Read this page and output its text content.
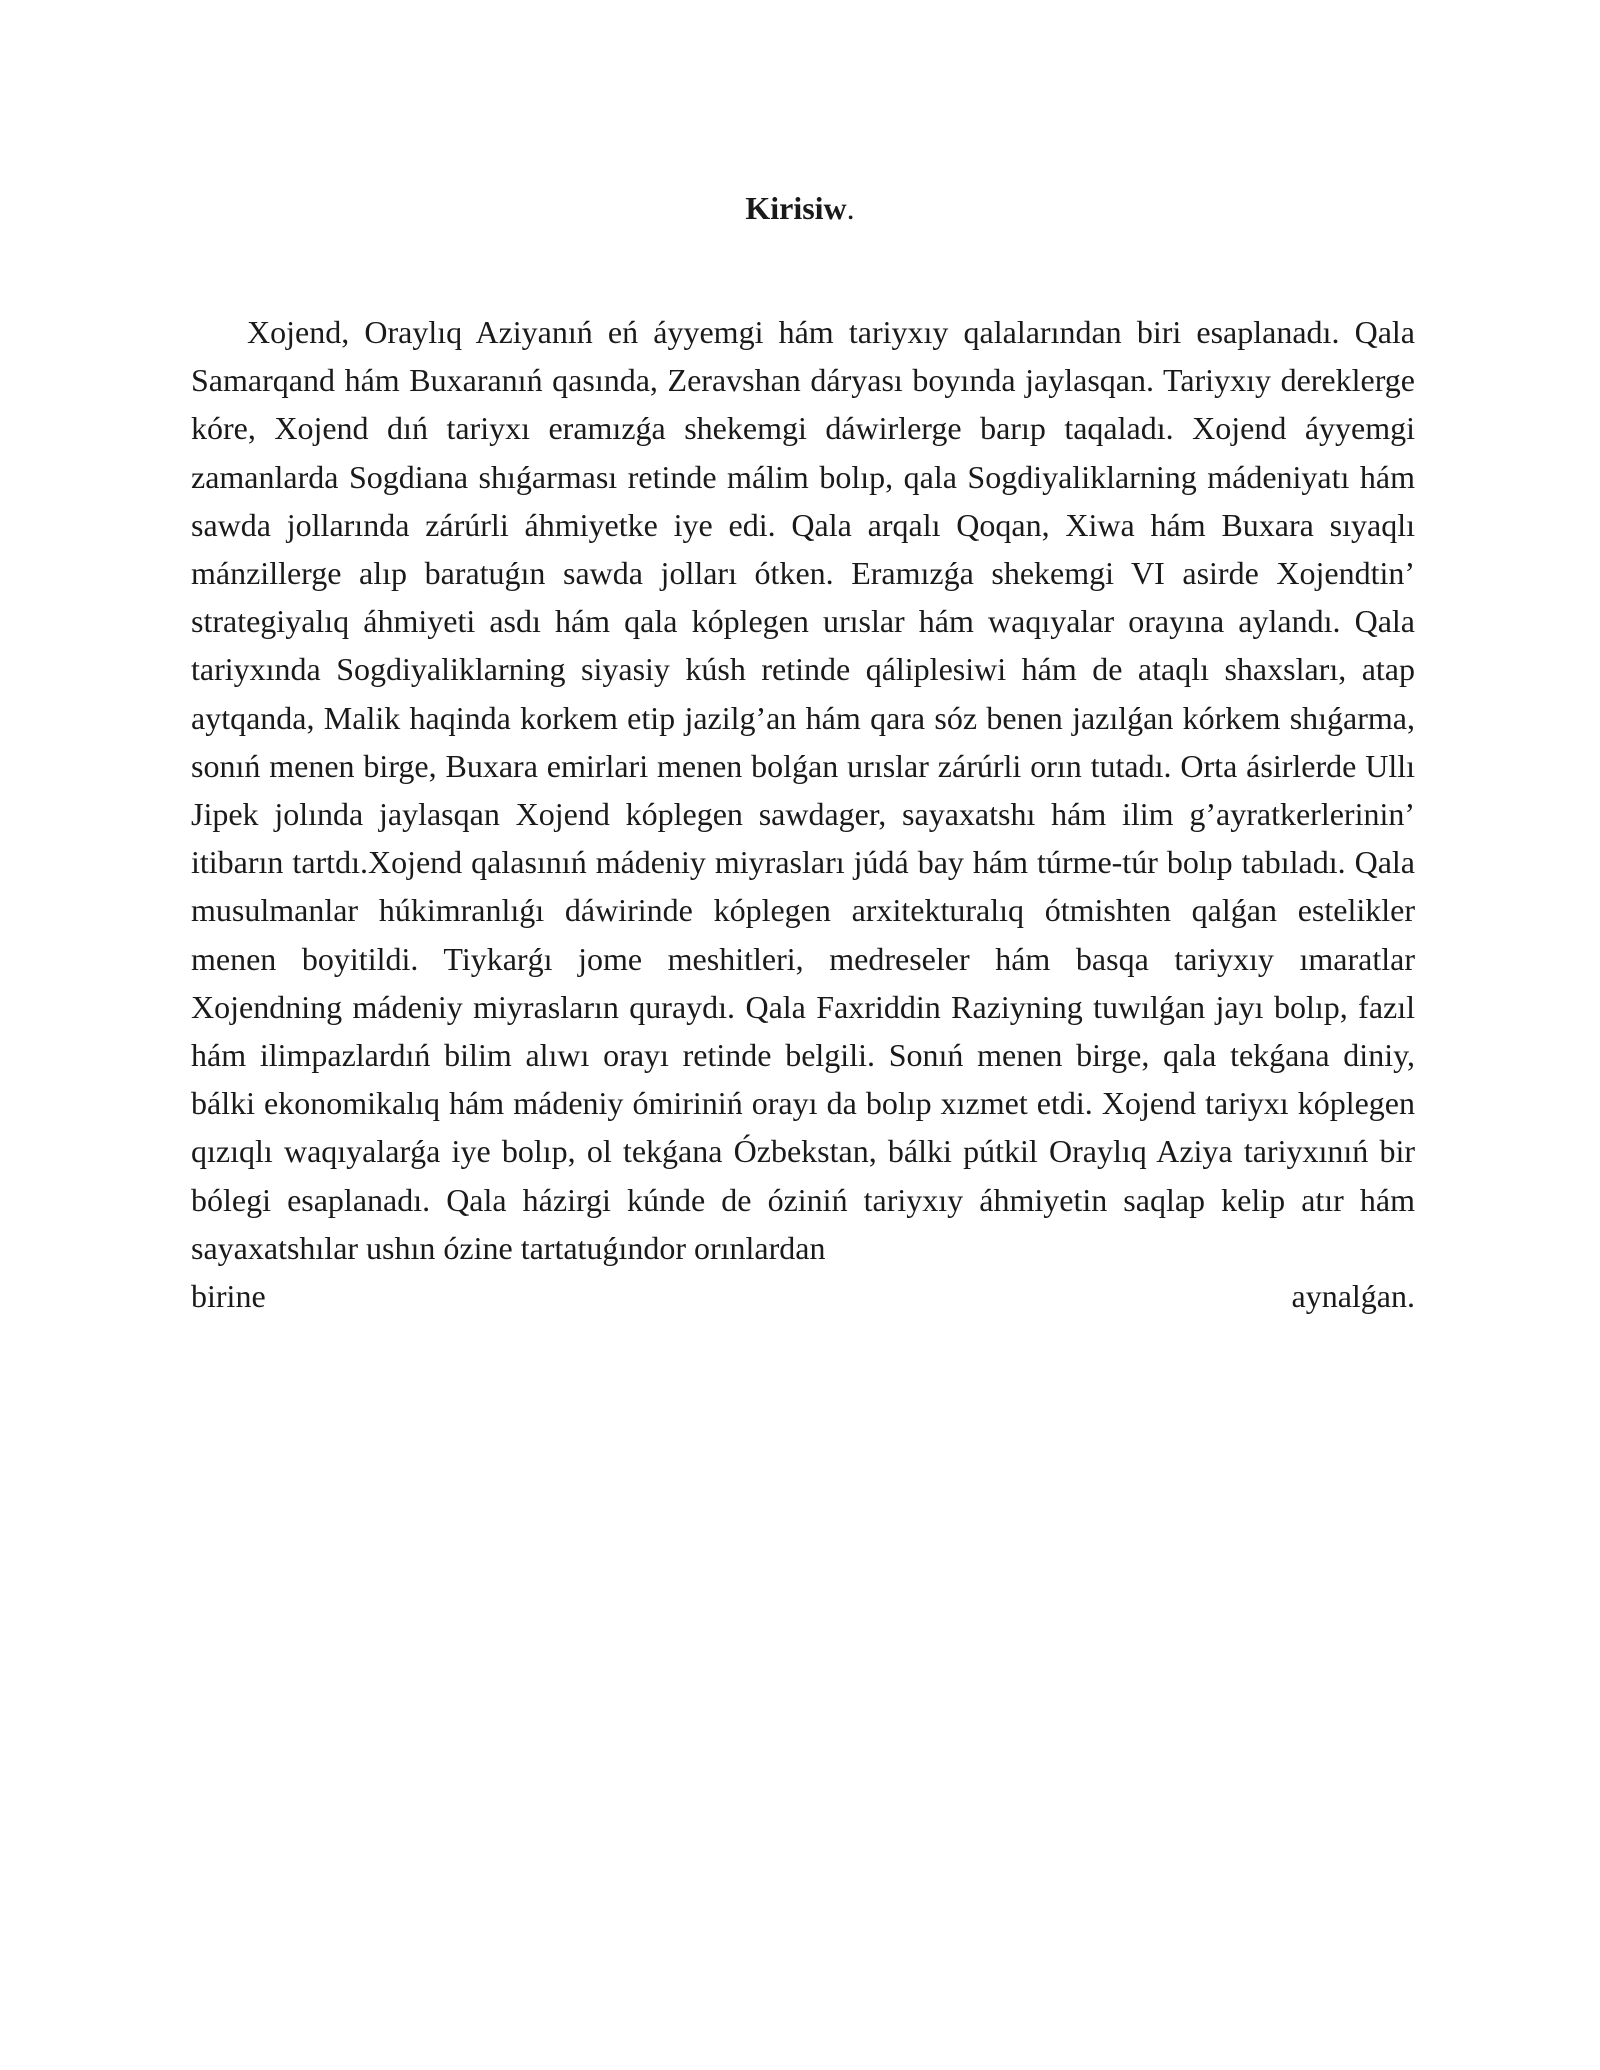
Kirisiw.

Xojend, Oraylıq Aziyanıń eń áyyemgi hám tariyxıy qalalarından biri esaplanadı. Qala Samarqand hám Buxaranıń qasında, Zeravshan dáryası boyında jaylasqan. Tariyxıy dereklerge kóre, Xojend dıń tariyxı eramızǵa shekemgi dáwirlerge barıp taqaladı. Xojend áyyemgi zamanlarda Sogdiana shıǵarması retinde málim bolıp, qala Sogdiyaliklarning mádeniyatı hám sawda jollarında zárúrli áhmiyetke iye edi. Qala arqalı Qoqan, Xiwa hám Buxara sıyaqlı mánzillerge alıp baratuǵın sawda jolları ótken. Eramızǵa shekemgi VI asirde Xojendtin’ strategiyalıq áhmiyeti asdı hám qala kóplegen urıslar hám waqıyalar orayına aylandı. Qala tariyxında Sogdiyaliklarning siyasiy kúsh retinde qáliplesiwi hám de ataqlı shaxsları, atap aytqanda, Malik haqinda korkem etip jazilg’an hám qara sóz benen jazılǵan kórkem shıǵarma, sonıń menen birge, Buxara emirlari menen bolǵan urıslar zárúrli orın tutadı. Orta ásirlerde Ullı Jipek jolında jaylasqan Xojend kóplegen sawdager, sayaxatshı hám ilim g’ayratkerlerinin’ itibarın tartdı.Xojend qalasınıń mádeniy miyrasları júdá bay hám túrme-túr bolıp tabıladı. Qala musulmanlar húkimranlıǵı dáwirinde kóplegen arxitekturalıq ótmishten qalǵan estelikler menen boyitildi. Tiykarǵı jome meshitleri, medreseler hám basqa tariyxıy ımaratlar Xojendning mádeniy miyrasların quraydı. Qala Faxriddin Raziyning tuwılǵan jayı bolıp, fazıl hám ilimpazlardıń bilim alıwı orayı retinde belgili. Sonıń menen birge, qala tekǵana diniy, bálki ekonomikalıq hám mádeniy ómiriniń orayı da bolıp xızmet etdi. Xojend tariyxı kóplegen qızıqlı waqıyalarǵa iye bolıp, ol tekǵana Ózbekstan, bálki pútkil Oraylıq Aziya tariyxınıń bir bólegi esaplanadı. Qala házirgi kúnde de óziniń tariyxıy áhmiyetin saqlap kelip atır hám sayaxatshılar ushın ózine tartatuǵındor orınlardan

birine	aynalǵan.
